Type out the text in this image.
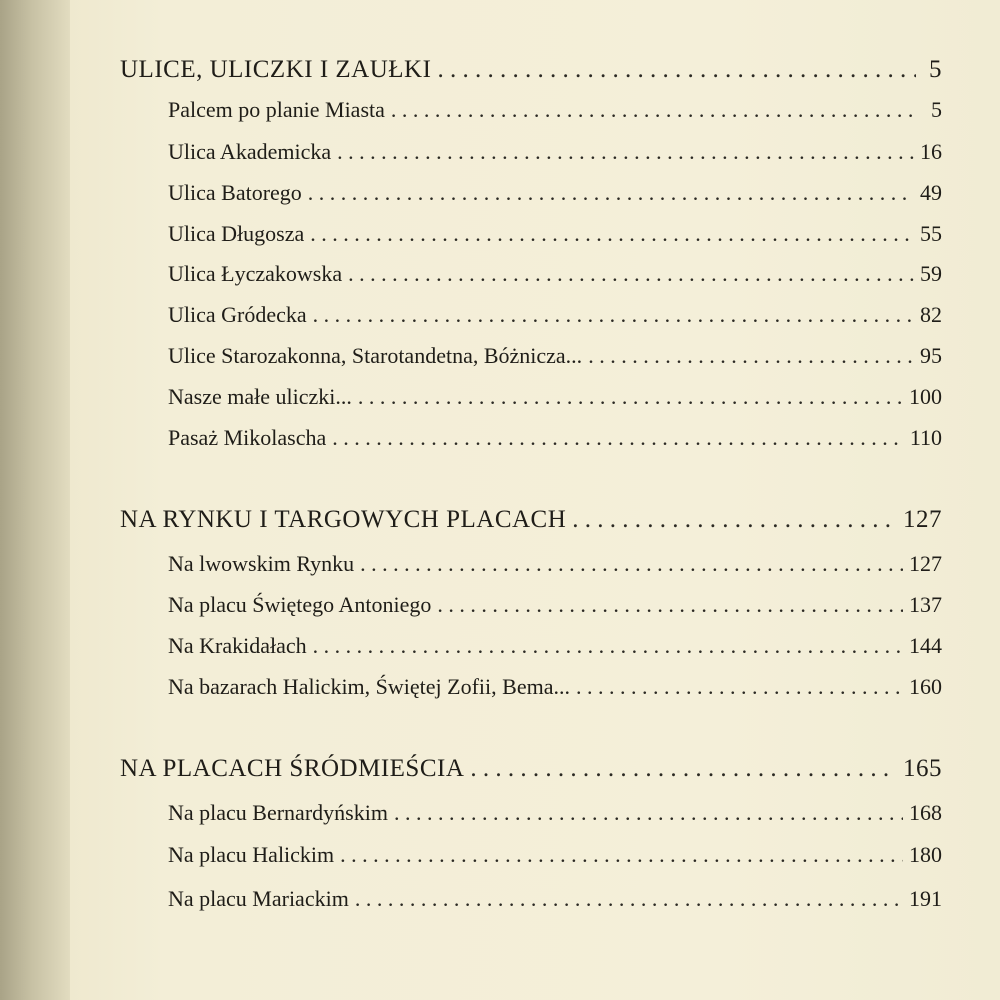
ULICE, ULICZKI I ZAUŁKI . . .	5
Palcem po planie Miasta . . .	5
Ulica Akademicka . . .	16
Ulica Batorego . . .	49
Ulica Długosza . . .	55
Ulica Łyczakowska . . .	59
Ulica Gródecka . . .	82
Ulice Starozakonna, Starotandetna, Bóżnicza... . . .	95
Nasze małe uliczki... . . .	100
Pasaż Mikolascha . . .	110
NA RYNKU I TARGOWYCH PLACACH . . .	127
Na lwowskim Rynku . . .	127
Na placu Świętego Antoniego . . .	137
Na Krakidałach . . .	144
Na bazarach Halickim, Świętej Zofii, Bema... . . .	160
NA PLACACH ŚRÓDMIEŚCIA . . .	165
Na placu Bernardyńskim . . .	168
Na placu Halickim . . .	180
Na placu Mariackim . . .	191
